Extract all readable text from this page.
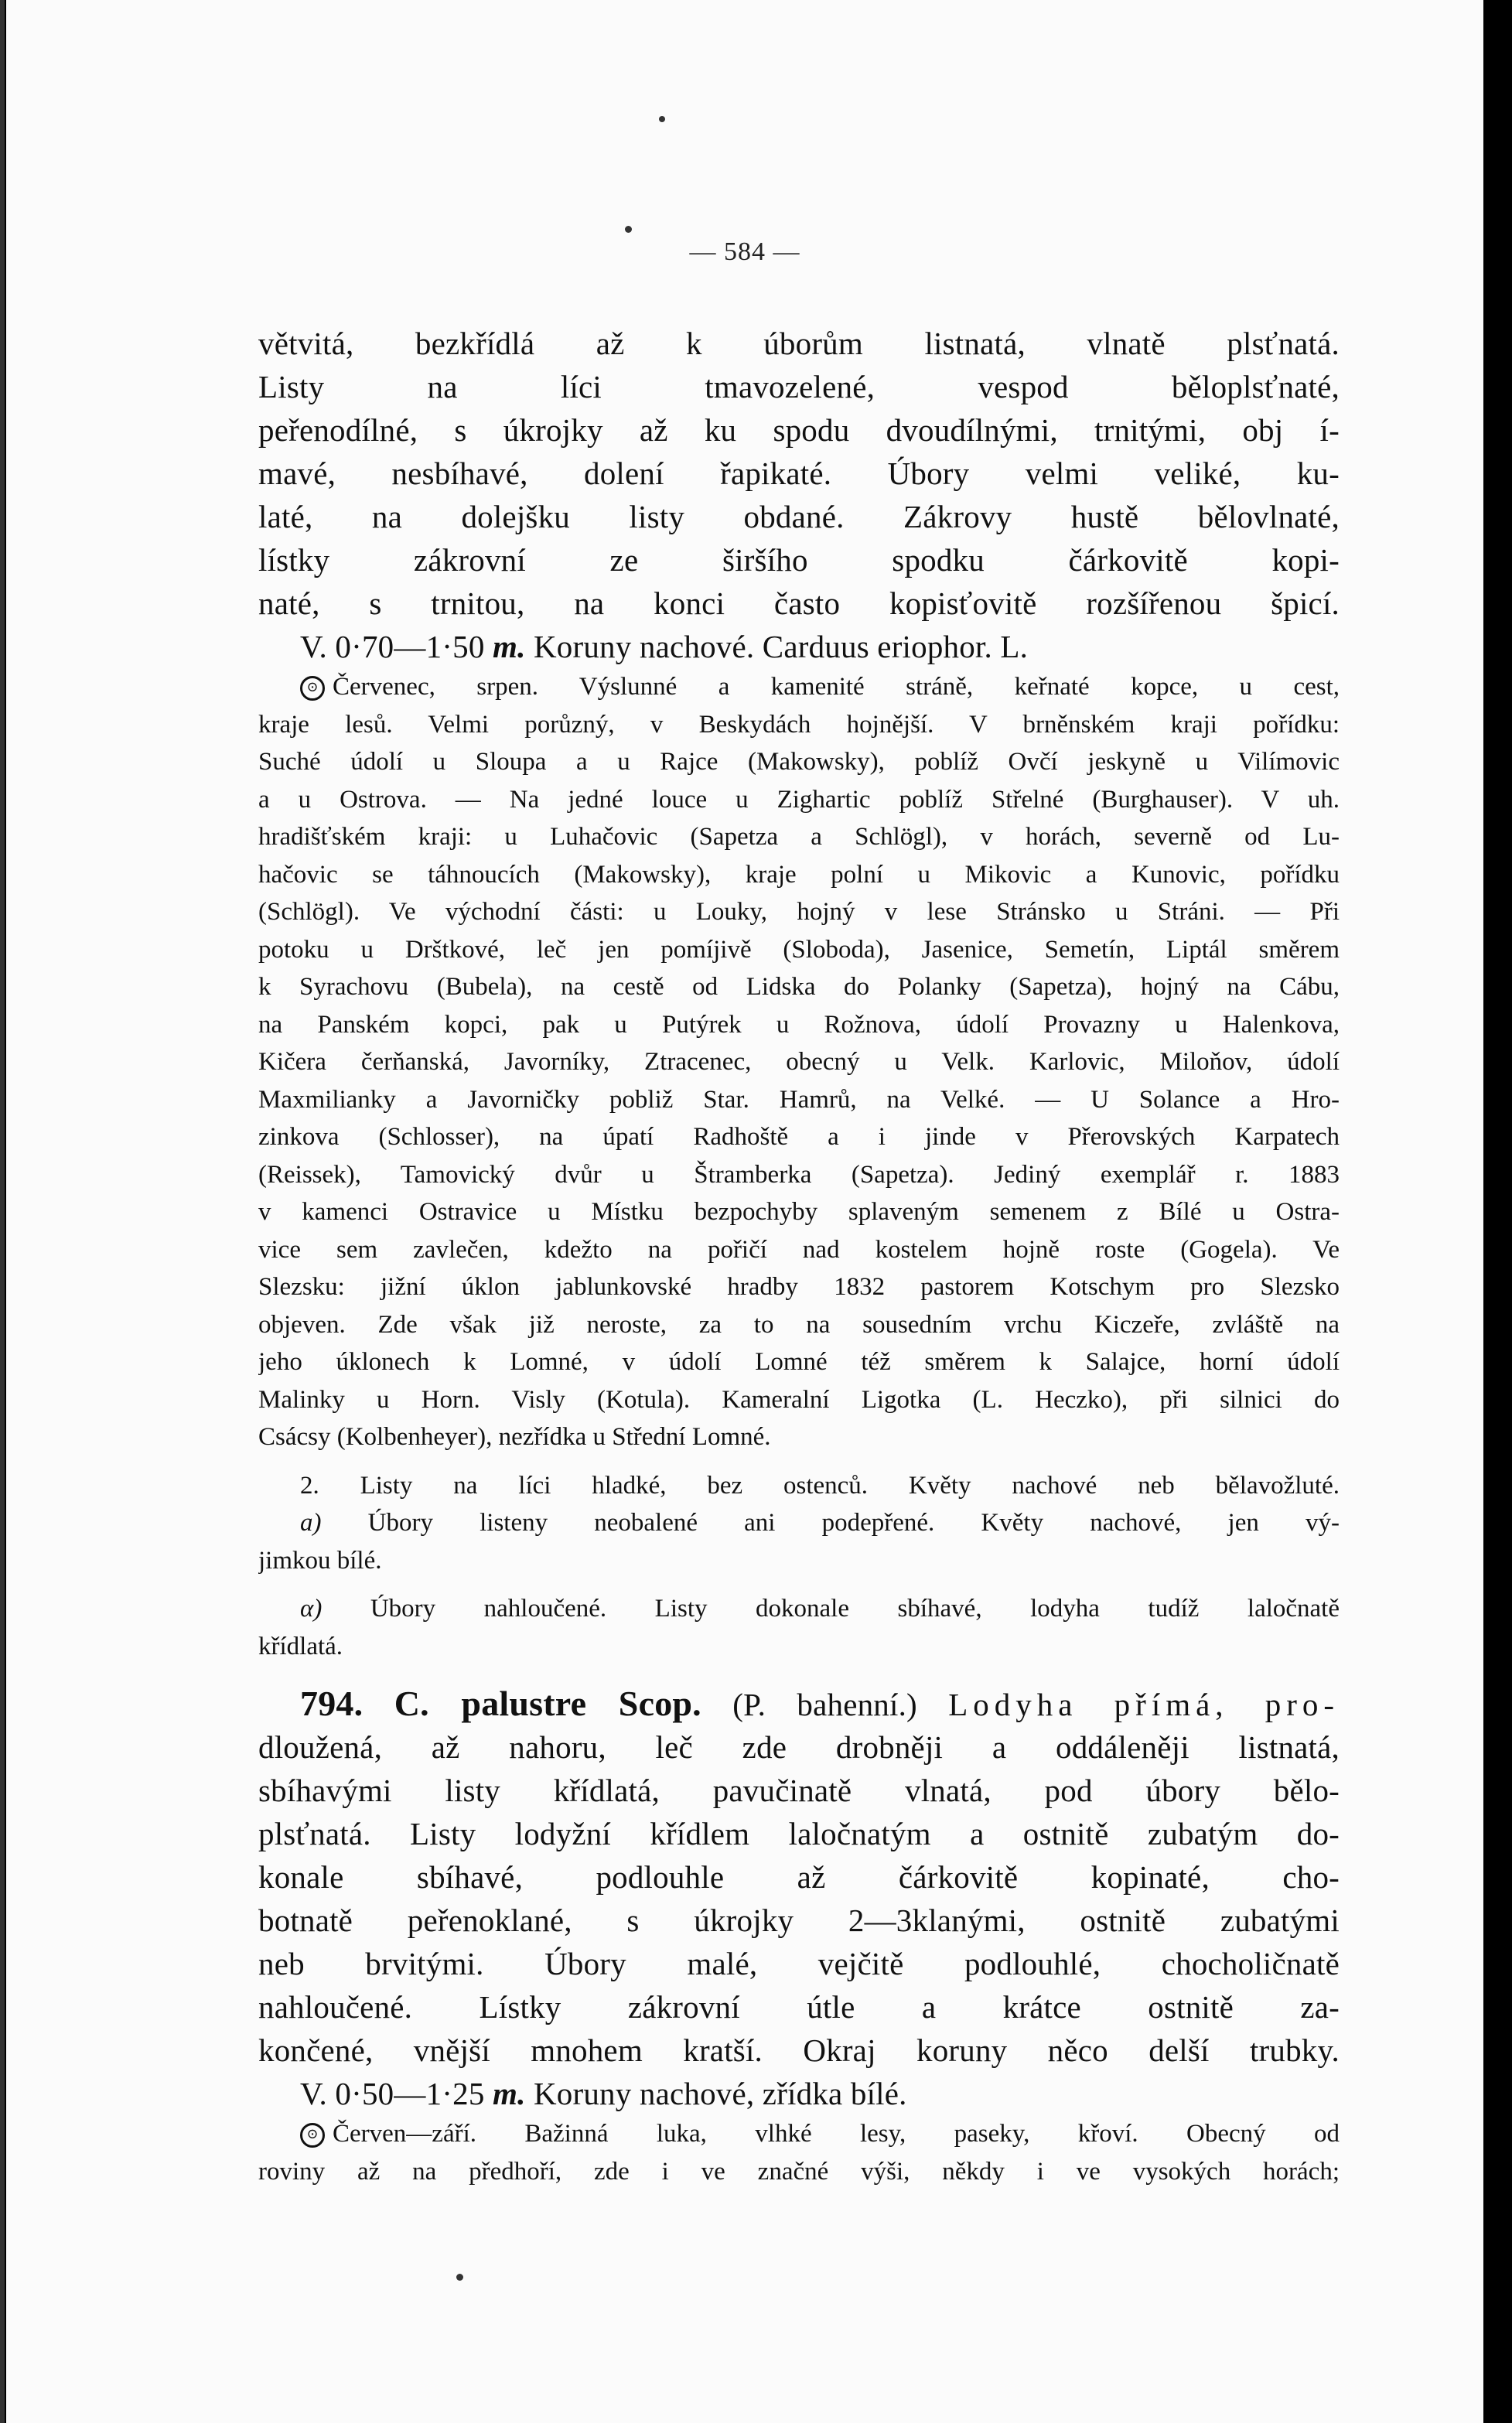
— 584 —
větvitá, bezkřídlá až k úborům listnatá, vlnatě plsťnatá.
Listy na líci tmavozelené, vespod běloplsťnaté,
peřenodílné, s úkrojky až ku spodu dvoudílnými, trnitými, obj í-
mavé, nesbíhavé, dolení řapikaté. Úbory velmi veliké, ku-
laté, na dolejšku listy obdané. Zákrovy hustě bělovlnaté,
lístky zákrovní ze širšího spodku čárkovitě kopi-
naté, s trnitou, na konci často kopisťovitě rozšířenou špicí.
V. 0·70—1·50 m. Koruny nachové. Carduus eriophor. L.
⊙ Červenec, srpen. Výslunné a kamenité stráně, keřnaté kopce, u cest,
kraje lesů. Velmi porůzný, v Beskydách hojnější. V brněnském kraji pořídku:
Suché údolí u Sloupa a u Rajce (Makowsky), poblíž Ovčí jeskyně u Vilímovic
a u Ostrova. — Na jedné louce u Zighartic poblíž Střelné (Burghauser). V uh.
hradišťském kraji: u Luhačovic (Sapetza a Schlögl), v horách, severně od Lu-
hačovic se táhnoucích (Makowsky), kraje polní u Mikovic a Kunovic, pořídku
(Schlögl). Ve východní části: u Louky, hojný v lese Stránsko u Stráni. — Při
potoku u Drštkové, leč jen pomíjivě (Sloboda), Jasenice, Semetín, Liptál směrem
k Syrachovu (Bubela), na cestě od Lidska do Polanky (Sapetza), hojný na Cábu,
na Panském kopci, pak u Putýrek u Rožnova, údolí Provazny u Halenkova,
Kičera čerňanská, Javorníky, Ztracenec, obecný u Velk. Karlovic, Miloňov, údolí
Maxmilianky a Javorničky pobliž Star. Hamrů, na Velké. — U Solance a Hro-
zinkova (Schlosser), na úpatí Radhoště a i jinde v Přerovských Karpatech
(Reissek), Tamovický dvůr u Štramberka (Sapetza). Jediný exemplář r. 1883
v kamenci Ostravice u Místku bezpochyby splaveným semenem z Bílé u Ostra-
vice sem zavlečen, kdežto na pořičí nad kostelem hojně roste (Gogela). Ve
Slezsku: jižní úklon jablunkovské hradby 1832 pastorem Kotschym pro Slezsko
objeven. Zde však již neroste, za to na sousedním vrchu Kiczeře, zvláště na
jeho úklonech k Lomné, v údolí Lomné též směrem k Salajce, horní údolí
Malinky u Horn. Visly (Kotula). Kameralní Ligotka (L. Heczko), při silnici do
Csácsy (Kolbenheyer), nezřídka u Střední Lomné.
2. Listy na líci hladké, bez ostenců. Květy nachové neb bělavožluté.
a) Úbory listeny neobalené ani podepřené. Květy nachové, jen vý-
jimkou bílé.
α) Úbory nahloučené. Listy dokonale sbíhavé, lodyha tudíž laločnatě
křídlatá.
794. C. palustre Scop. (P. bahenní.) Lodyha přímá, pro-
dloužená, až nahoru, leč zde drobněji a oddáleněji listnatá,
sbíhavými listy křídlatá, pavučinatě vlnatá, pod úbory bělo-
plsťnatá. Listy lodyžní křídlem laločnatým a ostnitě zubatým do-
konale sbíhavé, podlouhle až čárkovitě kopinaté, cho-
botnatě peřenoklané, s úkrojky 2—3klanými, ostnitě zubatými
neb brvitými. Úbory malé, vejčitě podlouhlé, chocholičnatě
nahloučené. Lístky zákrovní útle a krátce ostnitě za-
končené, vnější mnohem kratší. Okraj koruny něco delší trubky.
V. 0·50—1·25 m. Koruny nachové, zřídka bílé.
⊙ Červen—září. Bažinná luka, vlhké lesy, paseky, křoví. Obecný od
roviny až na předhoří, zde i ve značné výši, někdy i ve vysokých horách;
